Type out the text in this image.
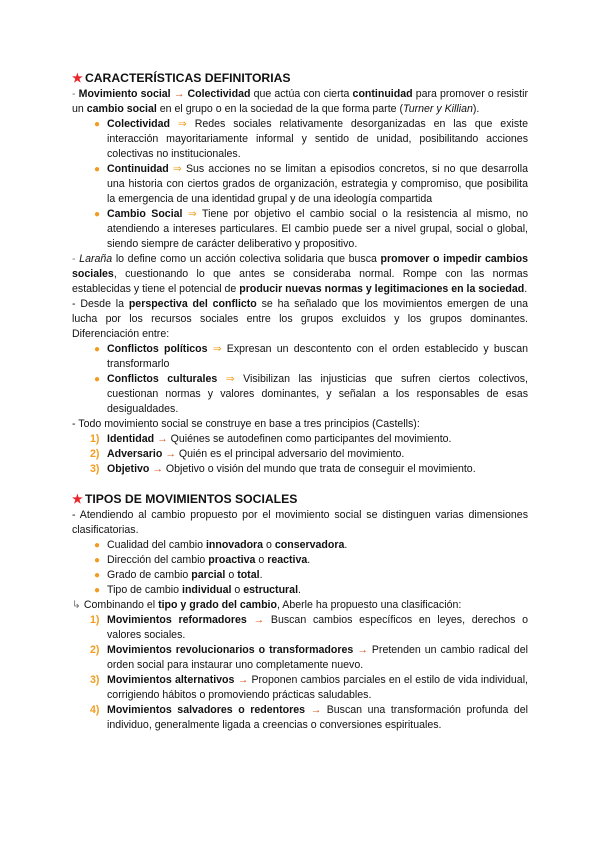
★ CARACTERÍSTICAS DEFINITORIAS

- Movimiento social → Colectividad que actúa con cierta continuidad para promover o resistir un cambio social en el grupo o en la sociedad de la que forma parte (Turner y Killian).

● Colectividad ⇒ Redes sociales relativamente desorganizadas en las que existe interacción mayoritariamente informal y sentido de unidad, posibilitando acciones colectivas no institucionales.
● Continuidad ⇒ Sus acciones no se limitan a episodios concretos, si no que desarrolla una historia con ciertos grados de organización, estrategia y compromiso, que posibilita la emergencia de una identidad grupal y de una ideología compartida
● Cambio Social ⇒ Tiene por objetivo el cambio social o la resistencia al mismo, no atendiendo a intereses particulares. El cambio puede ser a nivel grupal, social o global, siendo siempre de carácter deliberativo y propositivo.

- Laraña lo define como un acción colectiva solidaria que busca promover o impedir cambios sociales, cuestionando lo que antes se consideraba normal. Rompe con las normas establecidas y tiene el potencial de producir nuevas normas y legitimaciones en la sociedad.

- Desde la perspectiva del conflicto se ha señalado que los movimientos emergen de una lucha por los recursos sociales entre los grupos excluidos y los grupos dominantes. Diferenciación entre:

● Conflictos políticos ⇒ Expresan un descontento con el orden establecido y buscan transformarlo
● Conflictos culturales ⇒ Visibilizan las injusticias que sufren ciertos colectivos, cuestionan normas y valores dominantes, y señalan a los responsables de esas desigualdades.

- Todo movimiento social se construye en base a tres principios (Castells):

1) Identidad → Quiénes se autodefinen como participantes del movimiento.
2) Adversario → Quién es el principal adversario del movimiento.
3) Objetivo → Objetivo o visión del mundo que trata de conseguir el movimiento.
★ TIPOS DE MOVIMIENTOS SOCIALES

- Atendiendo al cambio propuesto por el movimiento social se distinguen varias dimensiones clasificatorias.

● Cualidad del cambio innovadora o conservadora.
● Dirección del cambio proactiva o reactiva.
● Grado de cambio parcial o total.
● Tipo de cambio individual o estructural.

↳ Combinando el tipo y grado del cambio, Aberle ha propuesto una clasificación:

1) Movimientos reformadores → Buscan cambios específicos en leyes, derechos o valores sociales.
2) Movimientos revolucionarios o transformadores → Pretenden un cambio radical del orden social para instaurar uno completamente nuevo.
3) Movimientos alternativos → Proponen cambios parciales en el estilo de vida individual, corrigiendo hábitos o promoviendo prácticas saludables.
4) Movimientos salvadores o redentores → Buscan una transformación profunda del individuo, generalmente ligada a creencias o conversiones espirituales.
